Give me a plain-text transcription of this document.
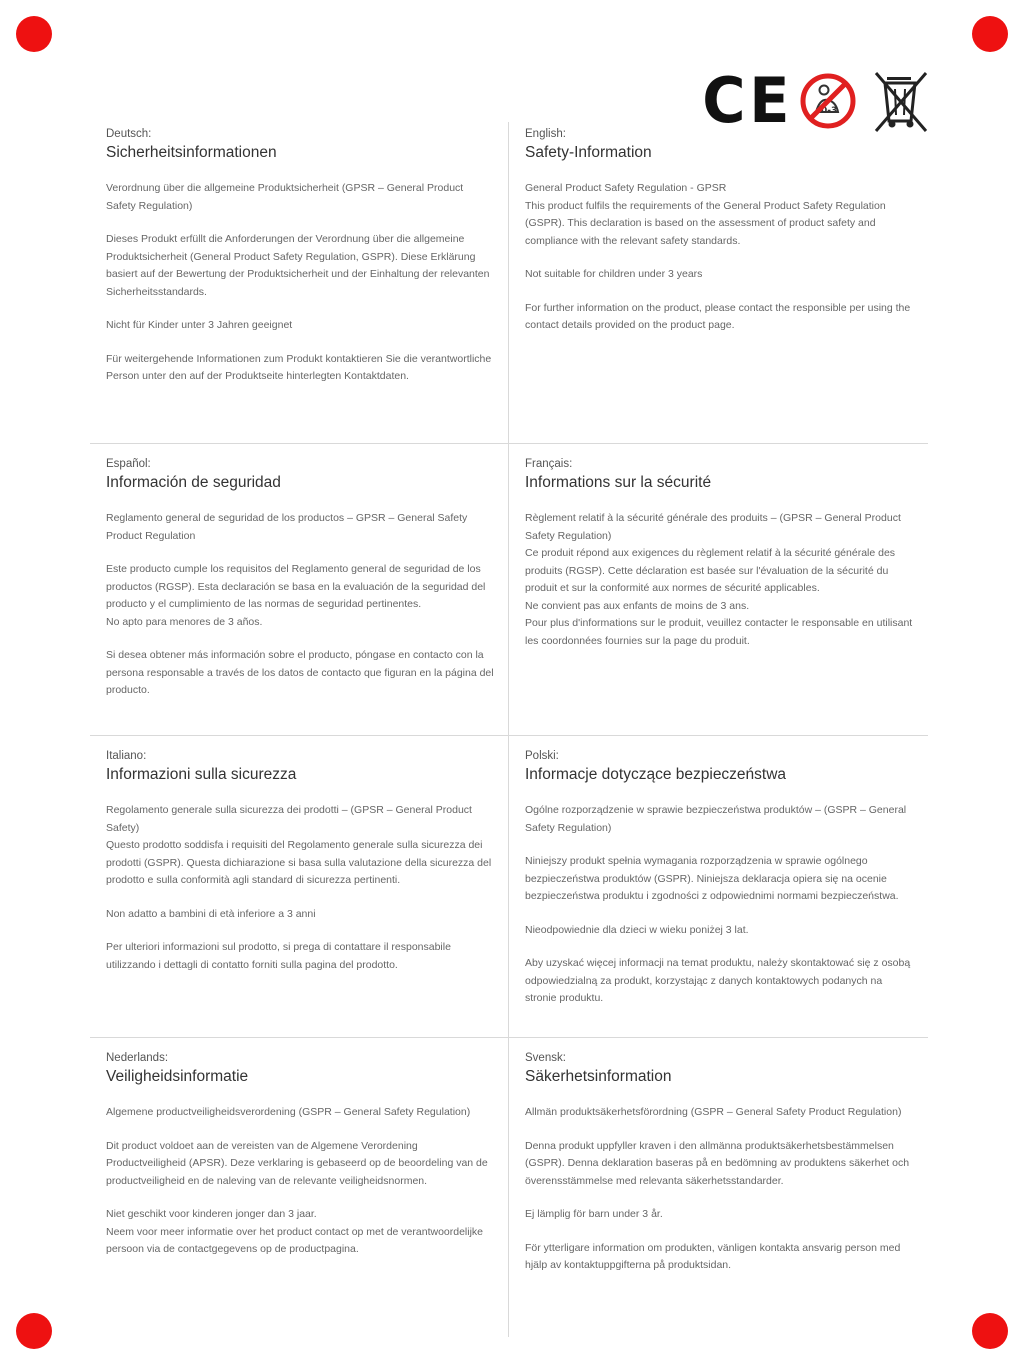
CE	0-3
Deutsch:
Sicherheitsinformationen

Verordnung über die allgemeine Produktsicherheit (GPSR – General Product Safety Regulation)

Dieses Produkt erfüllt die Anforderungen der Verordnung über die allgemeine Produktsicherheit (General Product Safety Regulation, GSPR). Diese Erklärung basiert auf der Bewertung der Produktsicherheit und der Einhaltung der relevanten Sicherheitsstandards.

Nicht für Kinder unter 3 Jahren geeignet

Für weitergehende Informationen zum Produkt kontaktieren Sie die verantwortliche Person unter den auf der Produktseite hinterlegten Kontaktdaten.

English:
Safety-Information

General Product Safety Regulation - GPSR
This product fulfils the requirements of the General Product Safety Regulation (GSPR). This declaration is based on the assessment of product safety and compliance with the relevant safety standards.

Not suitable for children under 3 years

For further information on the product, please contact the responsible per using the contact details provided on the product page.

Español:
Información de seguridad

Reglamento general de seguridad de los productos – GPSR – General Safety Product Regulation

Este producto cumple los requisitos del Reglamento general de seguridad de los productos (RGSP). Esta declaración se basa en la evaluación de la seguridad del producto y el cumplimiento de las normas de seguridad pertinentes.
No apto para menores de 3 años.

Si desea obtener más información sobre el producto, póngase en contacto con la persona responsable a través de los datos de contacto que figuran en la página del producto.

Français:
Informations sur la sécurité

Règlement relatif à la sécurité générale des produits – (GPSR – General Product Safety Regulation)
Ce produit répond aux exigences du règlement relatif à la sécurité générale des produits (RGSP). Cette déclaration est basée sur l'évaluation de la sécurité du produit et sur la conformité aux normes de sécurité applicables.
Ne convient pas aux enfants de moins de 3 ans.
Pour plus d'informations sur le produit, veuillez contacter le responsable en utilisant les coordonnées fournies sur la page du produit.

Italiano:
Informazioni sulla sicurezza

Regolamento generale sulla sicurezza dei prodotti – (GPSR – General Product Safety)
Questo prodotto soddisfa i requisiti del Regolamento generale sulla sicurezza dei prodotti (GSPR). Questa dichiarazione si basa sulla valutazione della sicurezza del prodotto e sulla conformità agli standard di sicurezza pertinenti.

Non adatto a bambini di età inferiore a 3 anni

Per ulteriori informazioni sul prodotto, si prega di contattare il responsabile utilizzando i dettagli di contatto forniti sulla pagina del prodotto.

Polski:
Informacje dotyczące bezpieczeństwa

Ogólne rozporządzenie w sprawie bezpieczeństwa produktów – (GSPR – General Safety Regulation)

Niniejszy produkt spełnia wymagania rozporządzenia w sprawie ogólnego bezpieczeństwa produktów (GSPR). Niniejsza deklaracja opiera się na ocenie bezpieczeństwa produktu i zgodności z odpowiednimi normami bezpieczeństwa.

Nieodpowiednie dla dzieci w wieku poniżej 3 lat.

Aby uzyskać więcej informacji na temat produktu, należy skontaktować się z osobą odpowiedzialną za produkt, korzystając z danych kontaktowych podanych na stronie produktu.

Nederlands:
Veiligheidsinformatie

Algemene productveiligheidsverordening (GSPR – General Safety Regulation)

Dit product voldoet aan de vereisten van de Algemene Verordening Productveiligheid (APSR). Deze verklaring is gebaseerd op de beoordeling van de productveiligheid en de naleving van de relevante veiligheidsnormen.

Niet geschikt voor kinderen jonger dan 3 jaar.
Neem voor meer informatie over het product contact op met de verantwoordelijke persoon via de contactgegevens op de productpagina.

Svensk:
Säkerhetsinformation

Allmän produktsäkerhetsförordning (GSPR – General Safety Product Regulation)

Denna produkt uppfyller kraven i den allmänna produktsäkerhetsbestämmelsen (GSPR). Denna deklaration baseras på en bedömning av produktens säkerhet och överensstämmelse med relevanta säkerhetsstandarder.

Ej lämplig för barn under 3 år.

För ytterligare information om produkten, vänligen kontakta ansvarig person med hjälp av kontaktuppgifterna på produktsidan.
